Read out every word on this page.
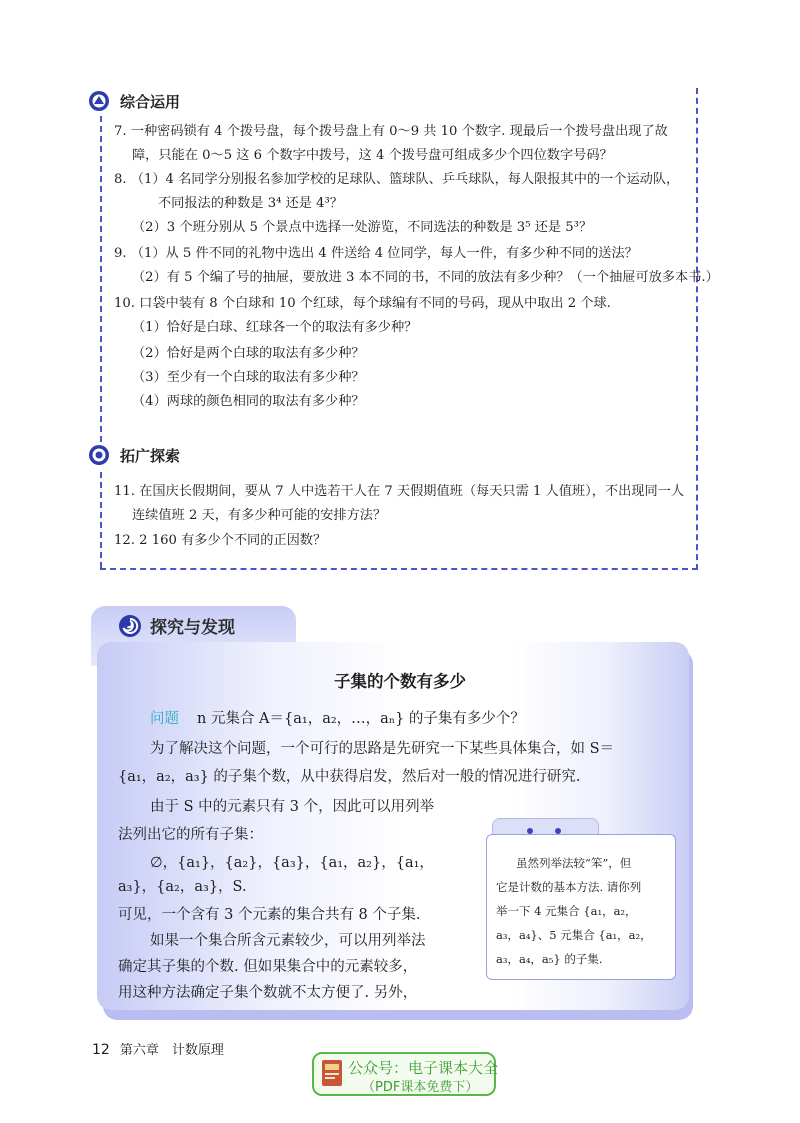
综合运用
7. 一种密码锁有 4 个拨号盘，每个拨号盘上有 0～9 共 10 个数字. 现最后一个拨号盘出现了故
障，只能在 0～5 这 6 个数字中拨号，这 4 个拨号盘可组成多少个四位数字号码？
8. （1）4 名同学分别报名参加学校的足球队、篮球队、乒乓球队，每人限报其中的一个运动队，
不同报法的种数是 3⁴ 还是 4³？
（2）3 个班分别从 5 个景点中选择一处游览，不同选法的种数是 3⁵ 还是 5³？
9. （1）从 5 件不同的礼物中选出 4 件送给 4 位同学，每人一件，有多少种不同的送法？
（2）有 5 个编了号的抽屉，要放进 3 本不同的书，不同的放法有多少种？（一个抽屉可放多本书.）
10. 口袋中装有 8 个白球和 10 个红球，每个球编有不同的号码，现从中取出 2 个球.
（1）恰好是白球、红球各一个的取法有多少种？
（2）恰好是两个白球的取法有多少种？
（3）至少有一个白球的取法有多少种？
（4）两球的颜色相同的取法有多少种？
拓广探索
11. 在国庆长假期间，要从 7 人中选若干人在 7 天假期值班（每天只需 1 人值班），不出现同一人
连续值班 2 天，有多少种可能的安排方法？
12. 2 160 有多少个不同的正因数？
探究与发现
子集的个数有多少
问题 n 元集合 A＝{a₁，a₂，…，aₙ} 的子集有多少个？
为了解决这个问题，一个可行的思路是先研究一下某些具体集合，如 S＝
{a₁，a₂，a₃} 的子集个数，从中获得启发，然后对一般的情况进行研究.
由于 S 中的元素只有 3 个，因此可以用列举
法列出它的所有子集：
∅，{a₁}，{a₂}，{a₃}，{a₁，a₂}，{a₁，
a₃}，{a₂，a₃}，S.
可见，一个含有 3 个元素的集合共有 8 个子集.
如果一个集合所含元素较少，可以用列举法
确定其子集的个数. 但如果集合中的元素较多，
用这种方法确定子集个数就不太方便了. 另外，
虽然列举法较“笨”，但
它是计数的基本方法. 请你列
举一下 4 元集合 {a₁，a₂，
a₃，a₄}、5 元集合 {a₁，a₂，
a₃，a₄，a₅} 的子集.
12 第六章　计数原理
公众号：电子课本大全
（PDF课本免费下）
